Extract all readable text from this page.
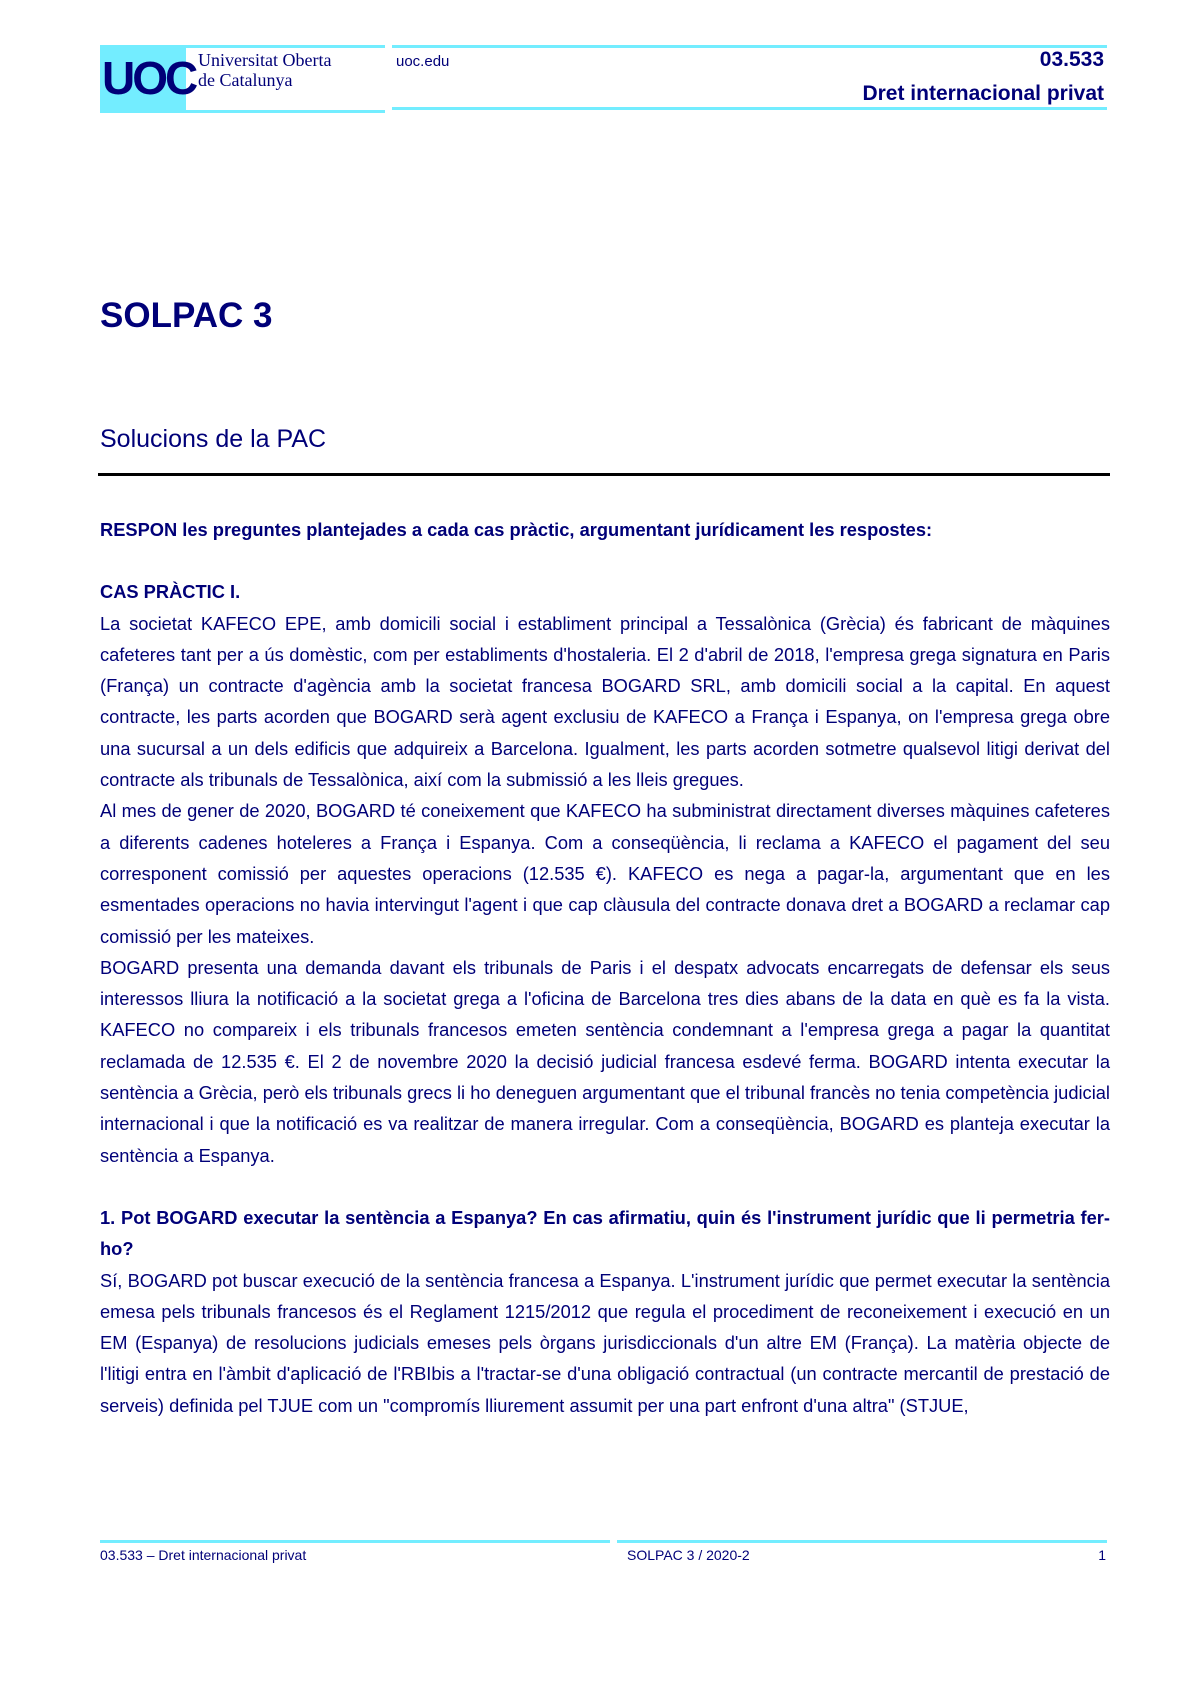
UOC Universitat Oberta
de Catalunya
uoc.edu	03.533
Dret internacional privat
SOLPAC 3
Solucions de la PAC

RESPON les preguntes plantejades a cada cas pràctic, argumentant jurídicament les respostes:

CAS PRÀCTIC I.

La societat KAFECO EPE, amb domicili social i establiment principal a Tessalònica (Grècia) és fabricant de màquines cafeteres tant per a ús domèstic, com per establiments d'hostaleria. El 2 d'abril de 2018, l'empresa grega signatura en Paris (França) un contracte d'agència amb la societat francesa BOGARD SRL, amb domicili social a la capital. En aquest contracte, les parts acorden que BOGARD serà agent exclusiu de KAFECO a França i Espanya, on l'empresa grega obre una sucursal a un dels edificis que adquireix a Barcelona. Igualment, les parts acorden sotmetre qualsevol litigi derivat del contracte als tribunals de Tessalònica, així com la submissió a les lleis gregues.

Al mes de gener de 2020, BOGARD té coneixement que KAFECO ha subministrat directament diverses màquines cafeteres a diferents cadenes hoteleres a França i Espanya. Com a conseqüència, li reclama a KAFECO el pagament del seu corresponent comissió per aquestes operacions (12.535 €). KAFECO es nega a pagar-la, argumentant que en les esmentades operacions no havia intervingut l'agent i que cap clàusula del contracte donava dret a BOGARD a reclamar cap comissió per les mateixes.

BOGARD presenta una demanda davant els tribunals de Paris i el despatx advocats encarregats de defensar els seus interessos lliura la notificació a la societat grega a l'oficina de Barcelona tres dies abans de la data en què es fa la vista. KAFECO no compareix i els tribunals francesos emeten sentència condemnant a l'empresa grega a pagar la quantitat reclamada de 12.535 €. El 2 de novembre 2020 la decisió judicial francesa esdevé ferma. BOGARD intenta executar la sentència a Grècia, però els tribunals grecs li ho deneguen argumentant que el tribunal francès no tenia competència judicial internacional i que la notificació es va realitzar de manera irregular. Com a conseqüència, BOGARD es planteja executar la sentència a Espanya.

1. Pot BOGARD executar la sentència a Espanya? En cas afirmatiu, quin és l'instrument jurídic que li permetria fer-ho?

Sí, BOGARD pot buscar execució de la sentència francesa a Espanya. L'instrument jurídic que permet executar la sentència emesa pels tribunals francesos és el Reglament 1215/2012 que regula el procediment de reconeixement i execució en un EM (Espanya) de resolucions judicials emeses pels òrgans jurisdiccionals d'un altre EM (França). La matèria objecte de l'litigi entra en l'àmbit d'aplicació de l'RBIbis a l'tractar-se d'una obligació contractual (un contracte mercantil de prestació de serveis) definida pel TJUE com un "compromís lliurement assumit per una part enfront d'una altra" (STJUE,

03.533 – Dret internacional privat	SOLPAC 3 / 2020-2	1
